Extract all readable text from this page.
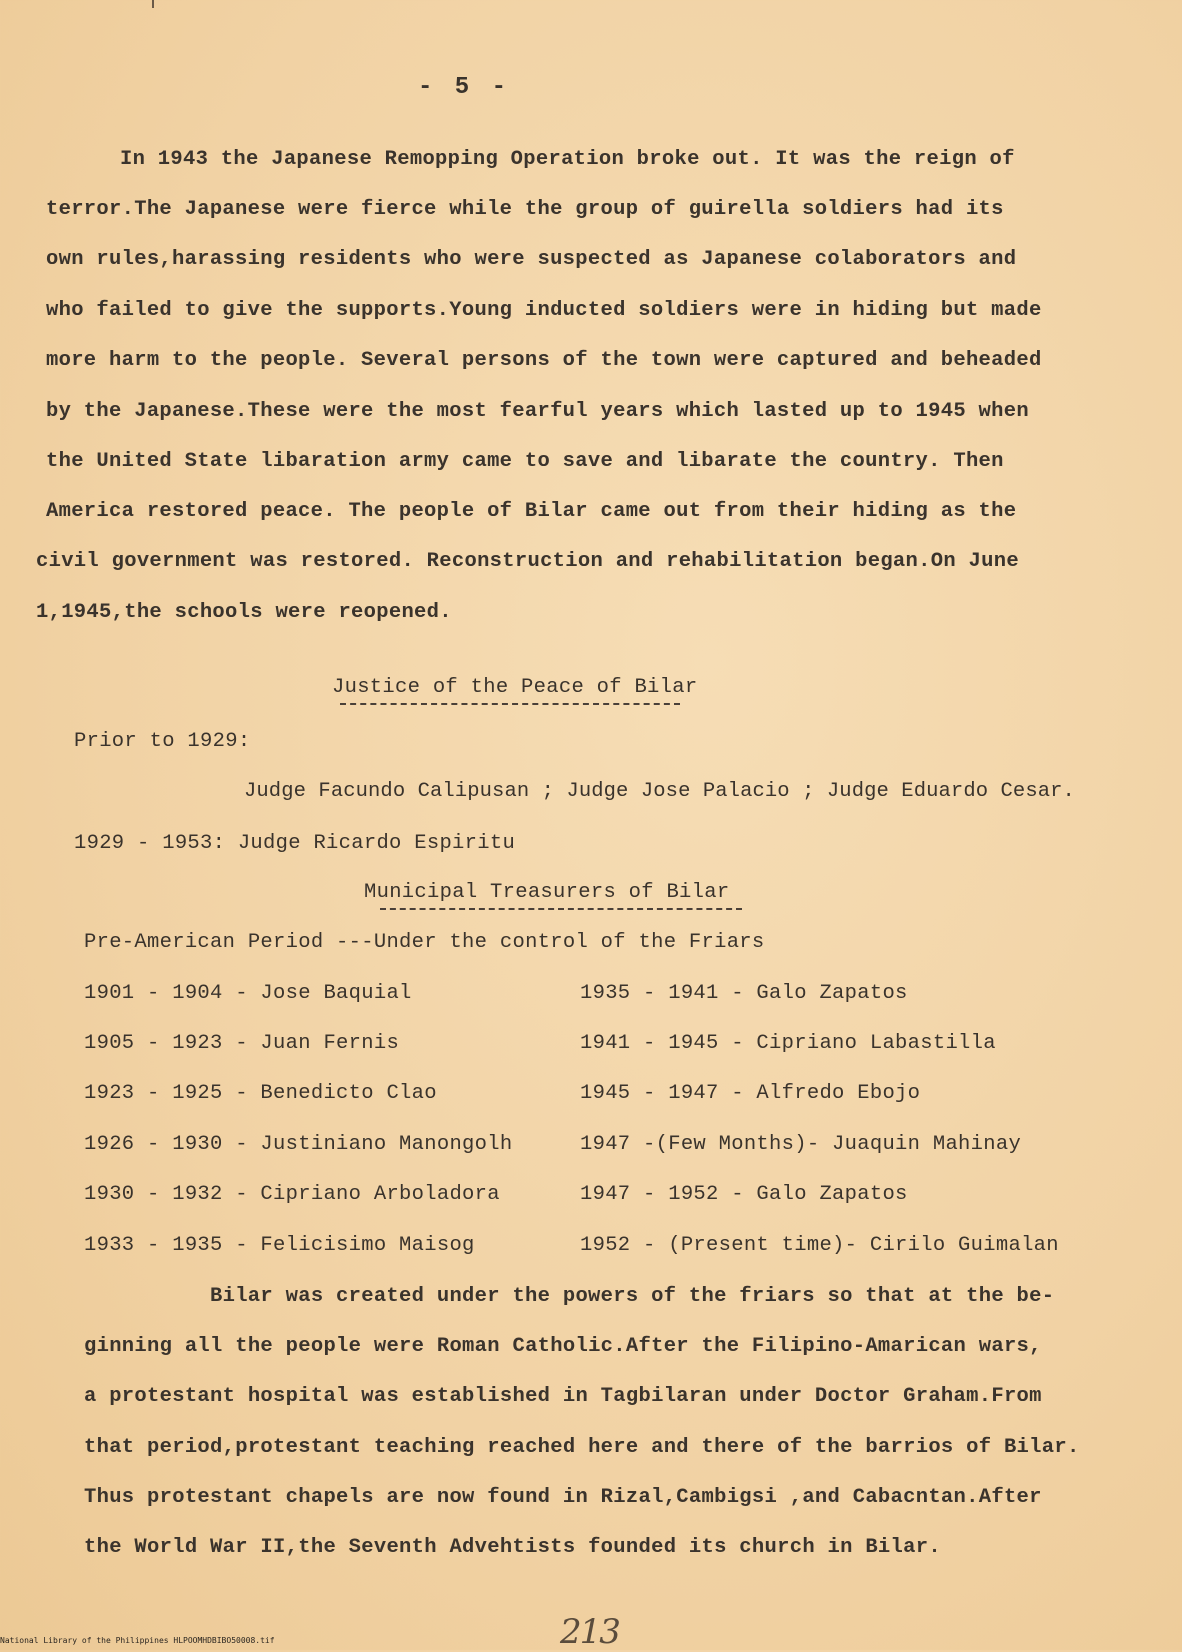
- 5 -

In 1943 the Japanese Remopping Operation broke out. It was the reign of

terror.The Japanese were fierce while the group of guirella soldiers had its

own rules,harassing residents who were suspected as Japanese colaborators and

who failed to give the supports.Young inducted soldiers were in hiding but made

more harm to the people. Several persons of the town were captured and beheaded

by the Japanese.These were the most fearful years which lasted up to 1945 when

the United State libaration army came to save and libarate the country. Then

America restored peace. The people of Bilar came out from their hiding as the

civil government was restored. Reconstruction and rehabilitation began.On June

1,1945,the schools were reopened.

Justice of the Peace of Bilar
Prior to 1929:
Judge Facundo Calipusan ; Judge Jose Palacio ; Judge Eduardo Cesar.
1929 - 1953: Judge Ricardo Espiritu
Municipal Treasurers of Bilar
Pre-American Period ---Under the control of the Friars
1901 - 1904 - Jose Baquial
1905 - 1923 - Juan Fernis
1923 - 1925 - Benedicto Clao
1926 - 1930 - Justiniano Manongolh
1930 - 1932 - Cipriano Arboladora
1933 - 1935 - Felicisimo Maisog
1935 - 1941 - Galo Zapatos
1941 - 1945 - Cipriano Labastilla
1945 - 1947 - Alfredo Ebojo
1947 -(Few Months)- Juaquin Mahinay
1947 - 1952 - Galo Zapatos
1952 - (Present time)- Cirilo Guimalan

Bilar was created under the powers of the friars so that at the be-

ginning all the people were Roman Catholic.After the Filipino-Amarican wars,

a protestant hospital was established in Tagbilaran under Doctor Graham.From

that period,protestant teaching reached here and there of the barrios of Bilar.

Thus protestant chapels are now found in Rizal,Cambigsi ,and Cabacntan.After

the World War II,the Seventh Advehtists founded its church in Bilar.

213
National Library of the Philippines HLPOOMHDBIBO50008.tif
